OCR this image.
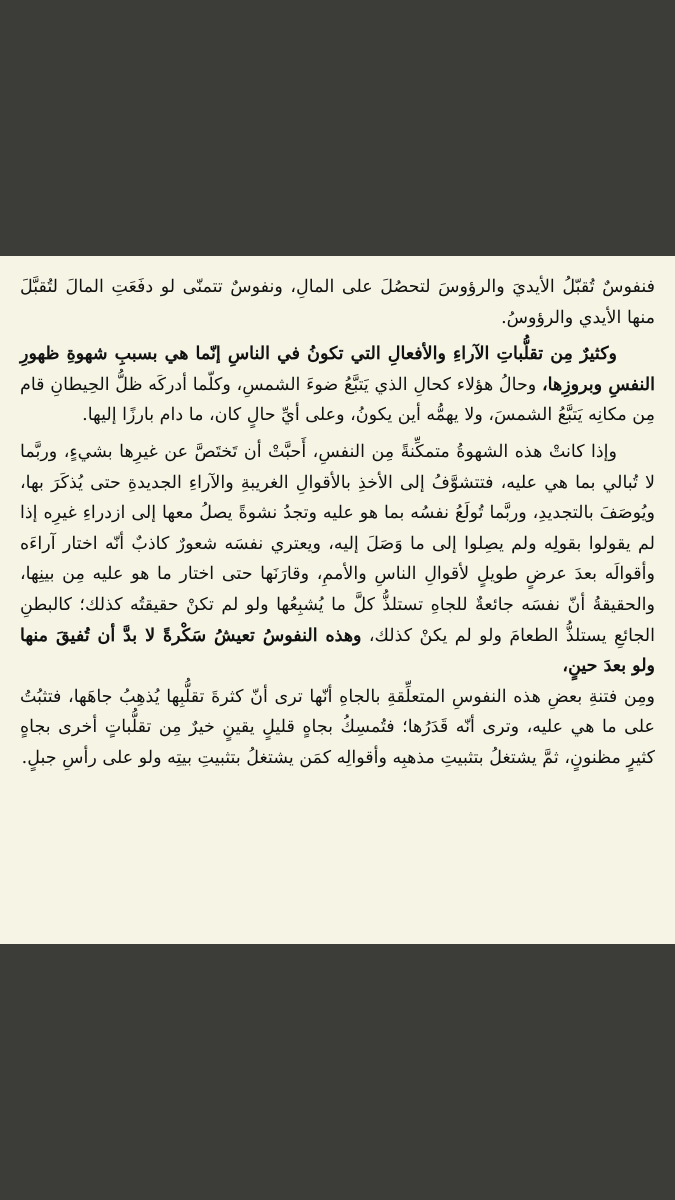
فنفوسٌ تُقبّلُ الأيديَ والرؤوسَ لتحصُلَ على المالِ، ونفوسٌ تتمنّى لو دفَعَتِ المالَ لتُقبَّلَ منها الأيدي والرؤوسُ.

وكثيرٌ مِن تقلُّباتِ الآراءِ والأفعالِ التي تكونُ في الناسِ إنّما هي بسببِ شهوةِ ظهورِ النفسِ وبروزِها، وحالُ هؤلاء كحالِ الذي يَتبَّعُ ضوءَ الشمسِ، وكلّما أدركَه ظلُّ الحِيطانِ قام مِن مكانِه يَتبَّعُ الشمسَ، ولا يهمُّه أين يكونُ، وعلى أيِّ حالٍ كان، ما دام بارزًا إليها.

وإذا كانتْ هذه الشهوةُ متمكِّنةً مِن النفسِ، أَحبَّتْ أن تَختَصَّ عن غيرِها بشيءٍ، وربَّما لا تُبالي بما هي عليه، فتتشوَّفُ إلى الأخذِ بالأقوالِ الغريبةِ والآراءِ الجديدةِ حتى يُذكَرَ بها، ويُوصَفَ بالتجديدِ، وربَّما تُولَعُ نفسُه بما هو عليه وتجدُ نشوةً يصلُ معها إلى ازدراءِ غيرِه إذا لم يقولوا بقولِه ولم يصِلوا إلى ما وَصَلَ إليه، ويعتري نفسَه شعورٌ كاذبٌ أنّه اختار آراءَه وأقوالَه بعدَ عرضٍ طويلٍ لأقوالِ الناسِ والأممِ، وقارَنَها حتى اختار ما هو عليه مِن بينِها، والحقيقةُ أنّ نفسَه جائعةٌ للجاهِ تستلذُّ كلَّ ما يُشبِعُها ولو لم تكنْ حقيقتُه كذلك؛ كالبطنِ الجائعِ يستلذُّ الطعامَ ولو لم يكنْ كذلك، وهذه النفوسُ تعيشُ سَكْرةً لا بدَّ أن تُفيقَ منها ولو بعدَ حينٍ،

ومِن فتنةِ بعضِ هذه النفوسِ المتعلِّقةِ بالجاهِ أنّها ترى أنّ كثرةَ تقلُّبِها يُذهِبُ جاهَها، فتثبُتُ على ما هي عليه، وترى أنّه قَدَرُها؛ فتُمسِكُ بجاهٍ قليلٍ يقينٍ خيرٌ مِن تقلُّباتٍ أخرى بجاهٍ كثيرٍ مظنونٍ، ثمَّ يشتغلُ بتثبيتِ مذهبِه وأقوالِه كمَن يشتغلُ بتثبيتِ بيتِه ولو على رأسِ جبلٍ.
